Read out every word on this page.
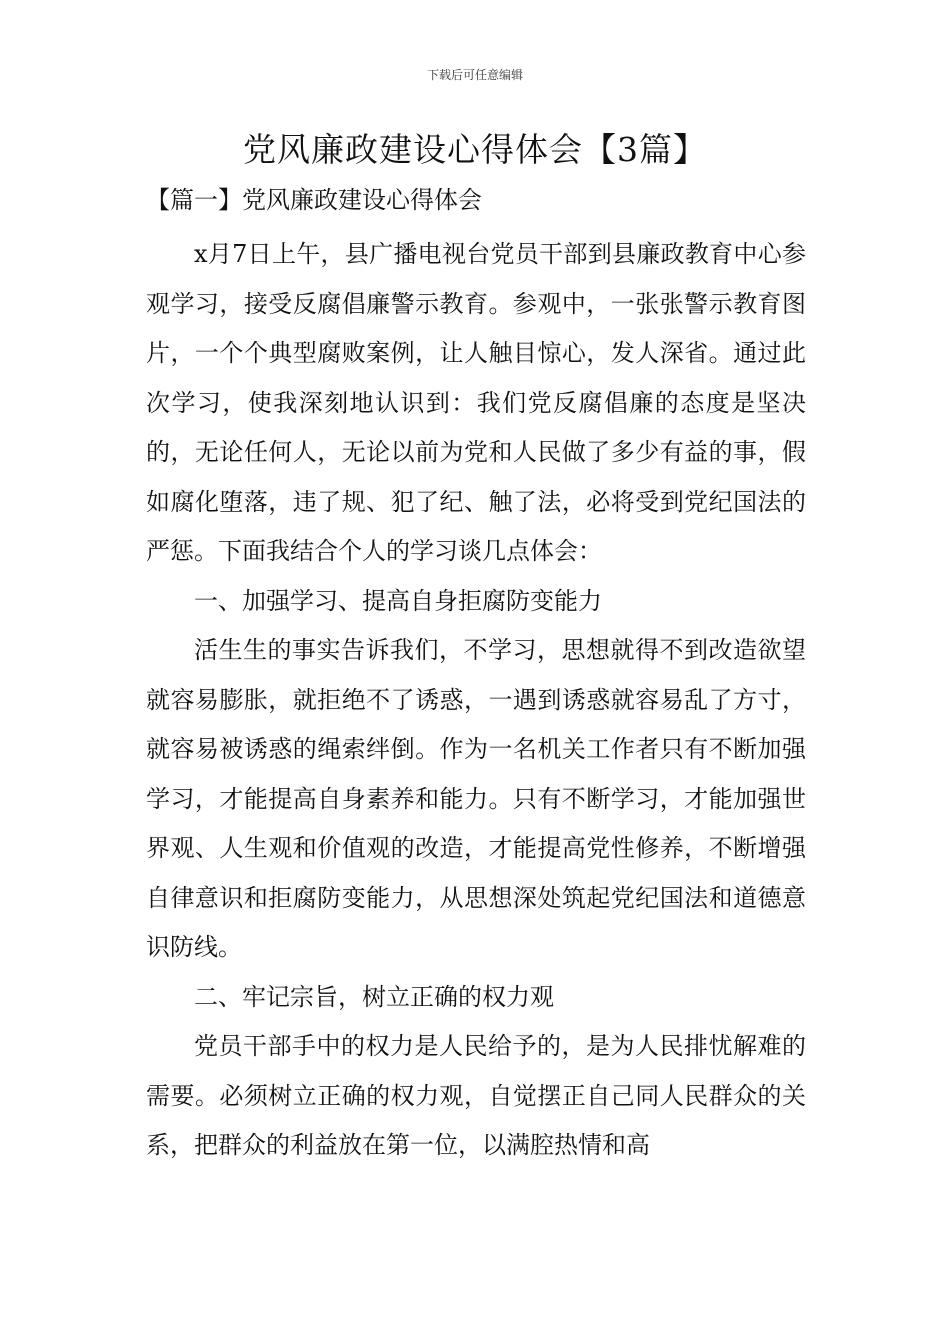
下载后可任意编辑
党风廉政建设心得体会【3篇】
【篇一】党风廉政建设心得体会

x月7日上午，县广播电视台党员干部到县廉政教育中心参观学习，接受反腐倡廉警示教育。参观中，一张张警示教育图片，一个个典型腐败案例，让人触目惊心，发人深省。通过此次学习，使我深刻地认识到：我们党反腐倡廉的态度是坚决的，无论任何人，无论以前为党和人民做了多少有益的事，假如腐化堕落，违了规、犯了纪、触了法，必将受到党纪国法的严惩。下面我结合个人的学习谈几点体会：

一、加强学习、提高自身拒腐防变能力

活生生的事实告诉我们，不学习，思想就得不到改造欲望就容易膨胀，就拒绝不了诱惑，一遇到诱惑就容易乱了方寸，就容易被诱惑的绳索绊倒。作为一名机关工作者只有不断加强学习，才能提高自身素养和能力。只有不断学习，才能加强世界观、人生观和价值观的改造，才能提高党性修养，不断增强自律意识和拒腐防变能力，从思想深处筑起党纪国法和道德意识防线。

二、牢记宗旨，树立正确的权力观

党员干部手中的权力是人民给予的，是为人民排忧解难的需要。必须树立正确的权力观，自觉摆正自己同人民群众的关系，把群众的利益放在第一位，以满腔热情和高
